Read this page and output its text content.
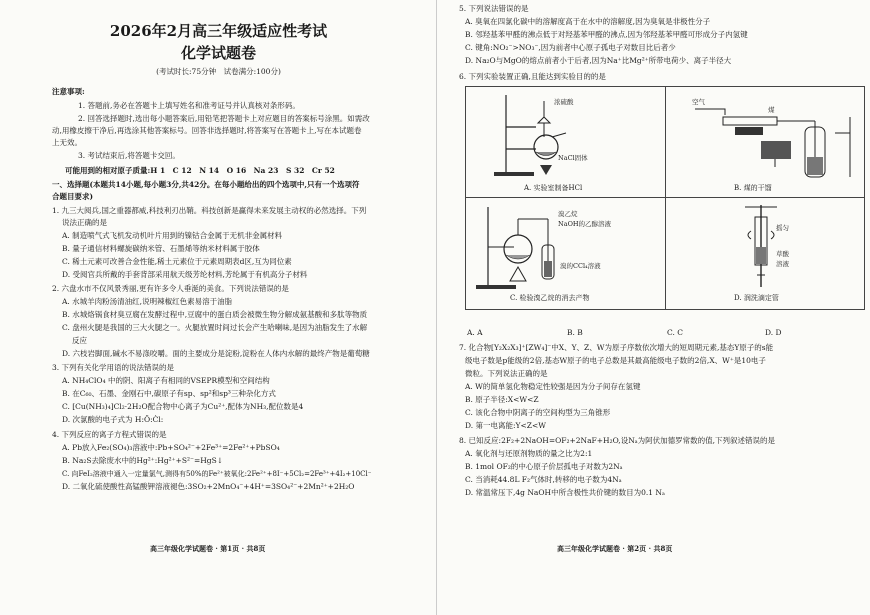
2026年2月高三年级适应性考试
化学试题卷
(考试时长:75分钟　试卷满分:100分)
注意事项:
1. 答题前,务必在答题卡上填写姓名和准考证号并认真核对条形码。
2. 回答选择题时,选出每小题答案后,用铅笔把答题卡上对应题目的答案标号涂黑。如需改
动,用橡皮擦干净后,再选涂其他答案标号。回答非选择题时,将答案写在答题卡上,写在本试题卷
上无效。
3. 考试结束后,将答题卡交回。
可能用到的相对原子质量:H 1　C 12　N 14　O 16　Na 23　S 32　Cr 52
一、选择题(本题共14小题,每小题3分,共42分。在每小题给出的四个选项中,只有一个选项符
合题目要求)
1. 九三大阅兵,国之重器都威,科技利刃出鞘。科技创新是赢得未来发展主动权的必然选择。下列
说法正确的是
A. 制造喷气式飞机发动机叶片用到的镍钴合金属于无机非金属材料
B. 量子通信材料螺旋碳纳米管、石墨烯等纳米材料属于胶体
C. 稀土元素可改善合金性能,稀土元素位于元素周期表d区,互为同位素
D. 受阅官兵所戴的手套背部采用航天级芳纶材料,芳纶属于有机高分子材料
2. 六盘水市不仅风景秀丽,更有许多令人垂涎的美食。下列说法错误的是
A. 水城羊肉粉汤清油红,说明辣椒红色素易溶于油脂
B. 水城烙锅食材臭豆腐在发酵过程中,豆腐中的蛋白质会被微生物分解成氨基酸和多肽等物质
C. 盘州火腿是我国的三大火腿之一。火腿放置时间过长会产生哈喇味,是因为油脂发生了水解
反应
D. 六枝岩脚面,碱水不易涤咬嚼。面的主要成分是淀粉,淀粉在人体内水解的最终产物是葡萄糖
3. 下列有关化学用语的说法错误的是
A. NH₄ClO₄ 中的阴、阳离子有相同的VSEPR模型和空间结构
B. 在C₆₀、石墨、金刚石中,碳原子有sp、sp²和sp³三种杂化方式
C. [Cu(NH₃)₄]Cl₂·2H₂O配合物中心离子为Cu²⁺,配体为NH₃,配位数是4
D. 次氯酸的电子式为 H:Ö:Ċl:
4. 下列反应的离子方程式错误的是
A. Pb放入Fe₂(SO₄)₃溶液中:Pb+SO₄²⁻+2Fe³⁺=2Fe²⁺+PbSO₄
B. Na₂S去除废水中的Hg²⁺:Hg²⁺+S²⁻=HgS↓
C. 向FeI₂溶液中通入一定量氯气,测得有50%的Fe²⁺被氧化:2Fe²⁺+8I⁻+5Cl₂=2Fe³⁺+4I₂+10Cl⁻
D. 二氧化硫使酸性高锰酸钾溶液褪色:3SO₂+2MnO₄⁻+4H⁺=3SO₄²⁻+2Mn²⁺+2H₂O
高三年级化学试题卷 · 第1页 · 共8页
5. 下列说法错误的是
A. 臭氧在四氯化碳中的溶解度高于在水中的溶解度,因为臭氧是非极性分子
B. 邻羟基苯甲醛的沸点低于对羟基苯甲醛的沸点,因为邻羟基苯甲醛可形成分子内氢键
C. 键角:NO₂⁻>NO₃⁻,因为前者中心原子孤电子对数目比后者少
D. Na₂O与MgO的熔点前者小于后者,因为Na⁺比Mg²⁺所带电荷少、离子半径大
6. 下列实验装置正确,且能达到实验目的的是
浓硫酸
NaCl固体
A. 实验室制备HCl
空气
煤
B. 煤的干馏
溴乙烷
NaOH的乙醇溶液
溴的CCl₄溶液
C. 检验溴乙烷的消去产物
摇匀
草酸
溶液
D. 润洗滴定管
A. A	B. B	C. C	D. D
7. 化合物[Y₂X₂X₃]⁺[ZW₄]⁻中X、Y、Z、W为原子序数依次增大的短周期元素,基态Y原子的s能
级电子数是p能级的2倍,基态W原子的电子总数是其最高能级电子数的2倍,X、W⁺是10电子
微粒。下列说法正确的是
A. W的简单氢化物稳定性较强是因为分子间存在氢键
B. 原子半径:X<W<Z
C. 该化合物中阴离子的空间构型为三角锥形
D. 第一电离能:Y<Z<W
8. 已知反应:2F₂+2NaOH=OF₂+2NaF+H₂O,设Nₐ为阿伏加德罗常数的值,下列叙述错误的是
A. 氧化剂与还原剂物质的量之比为2:1
B. 1mol OF₂的中心原子价层孤电子对数为2Nₐ
C. 当消耗44.8L F₂气体时,转移的电子数为4Nₐ
D. 常温常压下,4g NaOH中所含极性共价键的数目为0.1 Nₐ
高三年级化学试题卷 · 第2页 · 共8页
